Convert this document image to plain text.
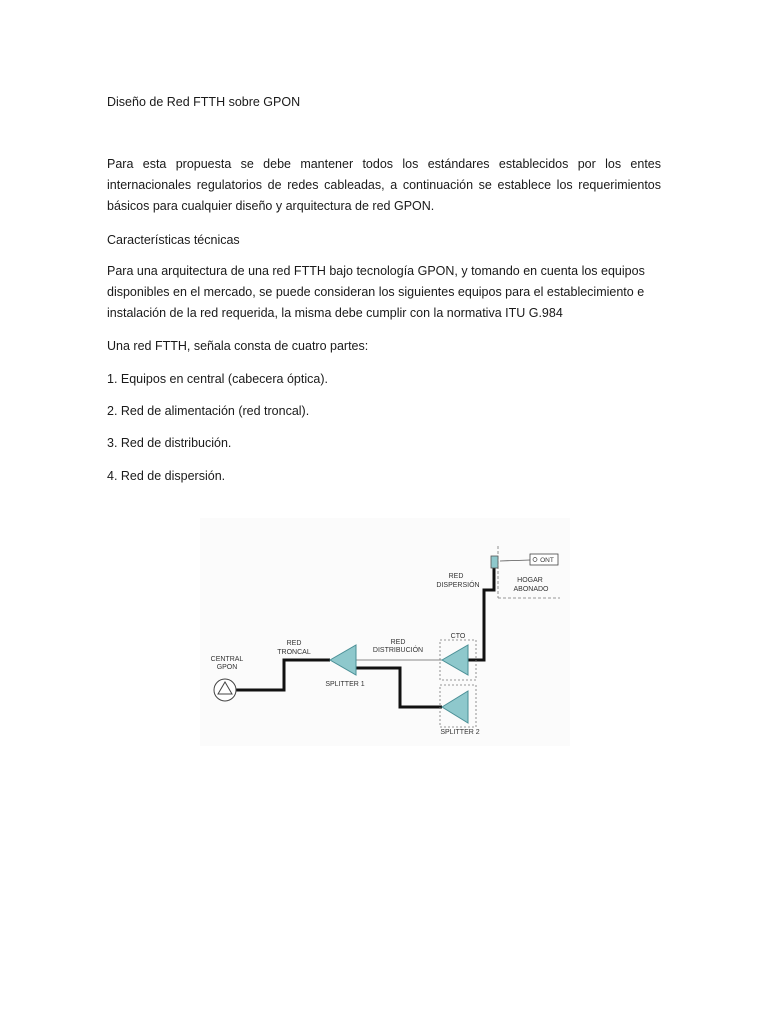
Diseño de Red FTTH sobre GPON

Para esta propuesta se debe mantener todos los estándares establecidos por los entes internacionales regulatorios de redes cableadas, a continuación se establece los requerimientos básicos para cualquier diseño y arquitectura de red GPON.

Características técnicas

Para una arquitectura de una red FTTH bajo tecnología GPON, y tomando en cuenta los equipos disponibles en el mercado, se puede consideran los siguientes equipos para el establecimiento e instalación de la red requerida, la misma debe cumplir con la normativa ITU G.984

Una red FTTH, señala consta de cuatro partes:

1. Equipos en central (cabecera óptica).

2. Red de alimentación (red troncal).

3. Red de distribución.

4. Red de dispersión.

CENTRAL
GPON
RED
TRONCAL
SPLITTER 1
RED
DISTRIBUCIÓN
CTO
SPLITTER 2
RED
DISPERSIÓN
ONT
HOGAR
ABONADO
